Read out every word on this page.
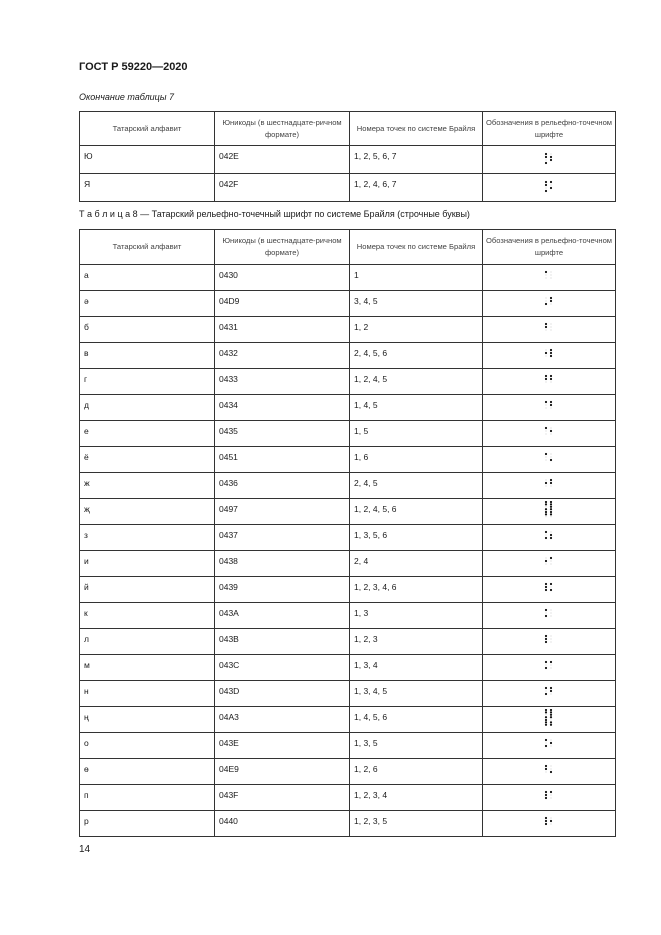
ГОСТ Р 59220—2020
Окончание таблицы 7
Татарский алфавит	Юникоды (в шестнадцате-ричном формате)	Номера точек по системе Брайля	Обозначения в рельефно-точечном шрифте
Ю	042E	1, 2, 5, 6, 7	

Я	042F	1, 2, 4, 6, 7	
Т а б л и ц а 8 — Татарский рельефно-точечный шрифт по системе Брайля (строчные буквы)
Татарский алфавит	Юникоды (в шестнадцате-ричном формате)	Номера точек по системе Брайля	Обозначения в рельефно-точечном шрифте
а	0430	1	

ә	04D9	3, 4, 5	

б	0431	1, 2	

в	0432	2, 4, 5, 6	

г	0433	1, 2, 4, 5	

д	0434	1, 4, 5	

е	0435	1, 5	

ё	0451	1, 6	

ж	0436	2, 4, 5	

җ	0497	1, 2, 4, 5, 6	

з	0437	1, 3, 5, 6	

и	0438	2, 4	

й	0439	1, 2, 3, 4, 6	

к	043A	1, 3	

л	043B	1, 2, 3	

м	043C	1, 3, 4	

н	043D	1, 3, 4, 5	

ң	04A3	1, 4, 5, 6	

о	043E	1, 3, 5	

ө	04E9	1, 2, 6	

п	043F	1, 2, 3, 4	

р	0440	1, 2, 3, 5	
14
